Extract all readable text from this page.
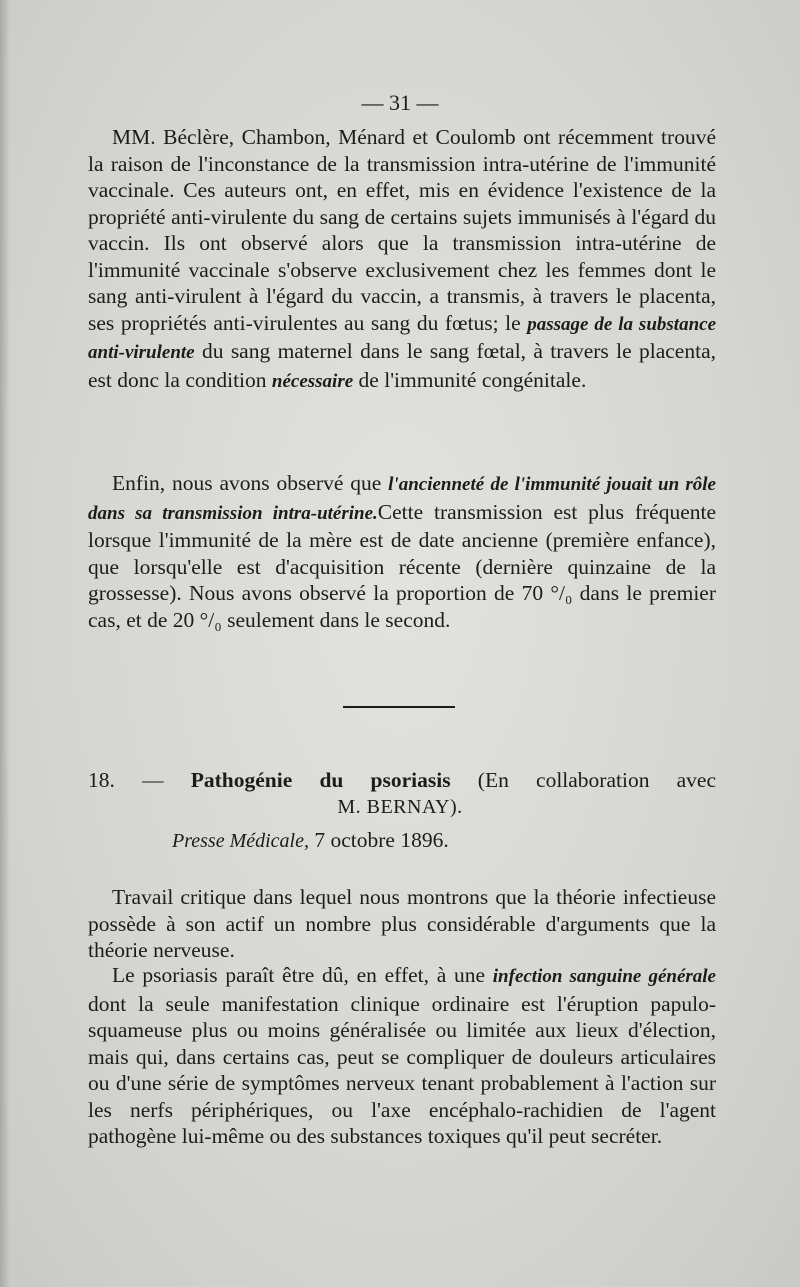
— 31 —

MM. Béclère, Chambon, Ménard et Coulomb ont récemment trouvé la raison de l'inconstance de la transmission intra-utérine de l'immunité vaccinale. Ces auteurs ont, en effet, mis en évidence l'existence de la propriété anti-virulente du sang de certains sujets immunisés à l'égard du vaccin. Ils ont observé alors que la transmission intra-utérine de l'immunité vaccinale s'observe exclusivement chez les femmes dont le sang anti-virulent à l'égard du vaccin, a transmis, à travers le placenta, ses propriétés anti-virulentes au sang du fœtus; le passage de la substance anti-virulente du sang maternel dans le sang fœtal, à travers le placenta, est donc la condition nécessaire de l'immunité congénitale.

Enfin, nous avons observé que l'ancienneté de l'immunité jouait un rôle dans sa transmission intra-utérine.Cette transmission est plus fréquente lorsque l'immunité de la mère est de date ancienne (première enfance), que lorsqu'elle est d'acquisition récente (dernière quinzaine de la grossesse). Nous avons observé la proportion de 70 °/₀ dans le premier cas, et de 20 °/₀ seulement dans le second.

18. — Pathogénie du psoriasis (En collaboration avec
M. BERNAY).
Presse Médicale, 7 octobre 1896.

Travail critique dans lequel nous montrons que la théorie infectieuse possède à son actif un nombre plus considérable d'arguments que la théorie nerveuse.

Le psoriasis paraît être dû, en effet, à une infection sanguine générale dont la seule manifestation clinique ordinaire est l'éruption papulo-squameuse plus ou moins généralisée ou limitée aux lieux d'élection, mais qui, dans certains cas, peut se compliquer de douleurs articulaires ou d'une série de symptômes nerveux tenant probablement à l'action sur les nerfs périphériques, ou l'axe encéphalo-rachidien de l'agent pathogène lui-même ou des substances toxiques qu'il peut secréter.
